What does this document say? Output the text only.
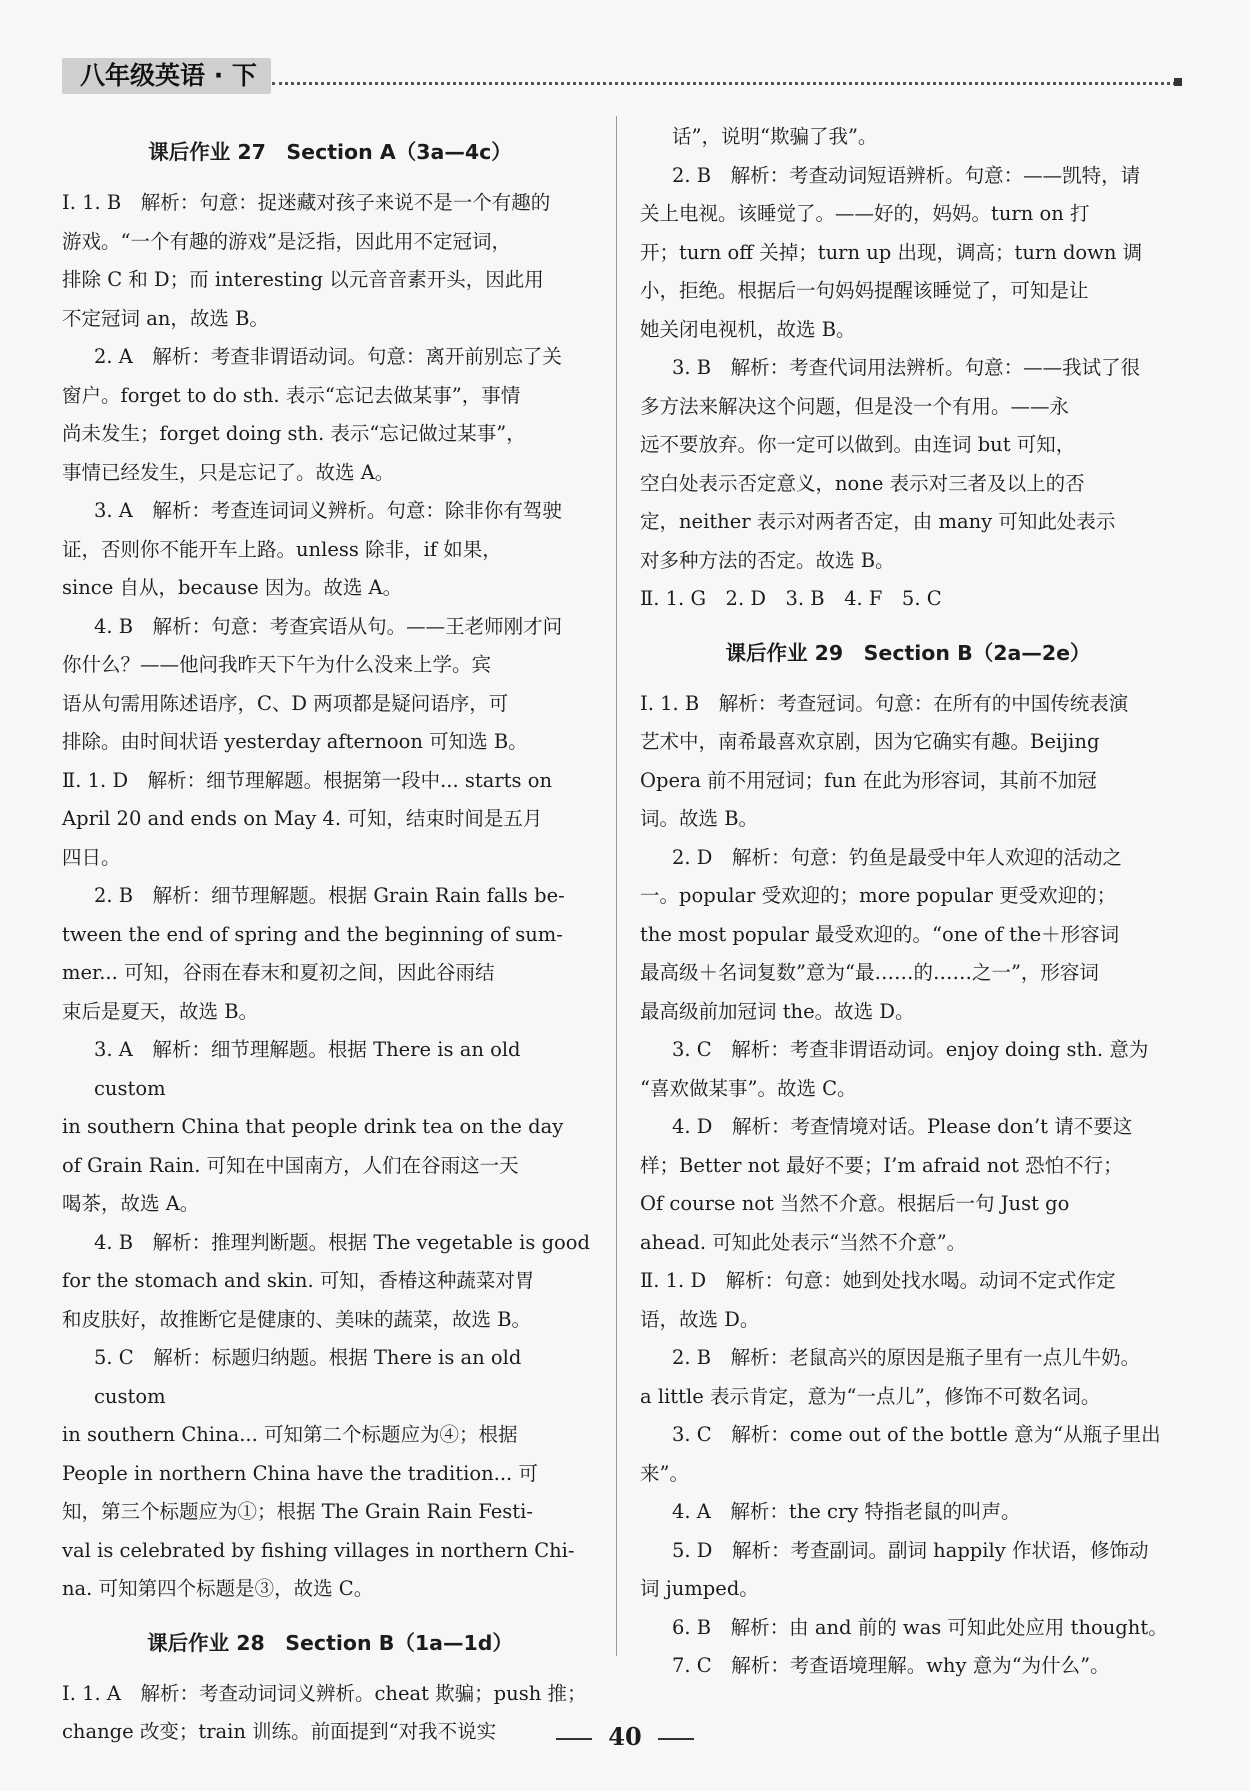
八年级英语 · 下
课后作业 27　Section A（3a—4c）

Ⅰ. 1. B　解析：句意：捉迷藏对孩子来说不是一个有趣的

游戏。“一个有趣的游戏”是泛指，因此用不定冠词，

排除 C 和 D；而 interesting 以元音音素开头，因此用

不定冠词 an，故选 B。

2. A　解析：考查非谓语动词。句意：离开前别忘了关

窗户。forget to do sth. 表示“忘记去做某事”，事情

尚未发生；forget doing sth. 表示“忘记做过某事”，

事情已经发生，只是忘记了。故选 A。

3. A　解析：考查连词词义辨析。句意：除非你有驾驶

证，否则你不能开车上路。unless 除非，if 如果，

since 自从，because 因为。故选 A。

4. B　解析：句意：考查宾语从句。——王老师刚才问

你什么？——他问我昨天下午为什么没来上学。宾

语从句需用陈述语序，C、D 两项都是疑问语序，可

排除。由时间状语 yesterday afternoon 可知选 B。

Ⅱ. 1. D　解析：细节理解题。根据第一段中... starts on

April 20 and ends on May 4. 可知，结束时间是五月

四日。

2. B　解析：细节理解题。根据 Grain Rain falls be-

tween the end of spring and the beginning of sum-

mer... 可知，谷雨在春末和夏初之间，因此谷雨结

束后是夏天，故选 B。

3. A　解析：细节理解题。根据 There is an old custom

in southern China that people drink tea on the day

of Grain Rain. 可知在中国南方，人们在谷雨这一天

喝茶，故选 A。

4. B　解析：推理判断题。根据 The vegetable is good

for the stomach and skin. 可知，香椿这种蔬菜对胃

和皮肤好，故推断它是健康的、美味的蔬菜，故选 B。

5. C　解析：标题归纳题。根据 There is an old custom

in southern China... 可知第二个标题应为④；根据

People in northern China have the tradition... 可

知，第三个标题应为①；根据 The Grain Rain Festi-

val is celebrated by fishing villages in northern Chi-

na. 可知第四个标题是③，故选 C。

课后作业 28　Section B（1a—1d）

Ⅰ. 1. A　解析：考查动词词义辨析。cheat 欺骗；push 推；

change 改变；train 训练。前面提到“对我不说实

话”，说明“欺骗了我”。

2. B　解析：考查动词短语辨析。句意：——凯特，请

关上电视。该睡觉了。——好的，妈妈。turn on 打

开；turn off 关掉；turn up 出现，调高；turn down 调

小，拒绝。根据后一句妈妈提醒该睡觉了，可知是让

她关闭电视机，故选 B。

3. B　解析：考查代词用法辨析。句意：——我试了很

多方法来解决这个问题，但是没一个有用。——永

远不要放弃。你一定可以做到。由连词 but 可知，

空白处表示否定意义，none 表示对三者及以上的否

定，neither 表示对两者否定，由 many 可知此处表示

对多种方法的否定。故选 B。

Ⅱ. 1. G　2. D　3. B　4. F　5. C

课后作业 29　Section B（2a—2e）

Ⅰ. 1. B　解析：考查冠词。句意：在所有的中国传统表演

艺术中，南希最喜欢京剧，因为它确实有趣。Beijing

Opera 前不用冠词；fun 在此为形容词，其前不加冠

词。故选 B。

2. D　解析：句意：钓鱼是最受中年人欢迎的活动之

一。popular 受欢迎的；more popular 更受欢迎的；

the most popular 最受欢迎的。“one of the＋形容词

最高级＋名词复数”意为“最……的……之一”，形容词

最高级前加冠词 the。故选 D。

3. C　解析：考查非谓语动词。enjoy doing sth. 意为

“喜欢做某事”。故选 C。

4. D　解析：考查情境对话。Please don’t 请不要这

样；Better not 最好不要；I’m afraid not 恐怕不行；

Of course not 当然不介意。根据后一句 Just go

ahead. 可知此处表示“当然不介意”。

Ⅱ. 1. D　解析：句意：她到处找水喝。动词不定式作定

语，故选 D。

2. B　解析：老鼠高兴的原因是瓶子里有一点儿牛奶。

a little 表示肯定，意为“一点儿”，修饰不可数名词。

3. C　解析：come out of the bottle 意为“从瓶子里出

来”。

4. A　解析：the cry 特指老鼠的叫声。

5. D　解析：考查副词。副词 happily 作状语，修饰动

词 jumped。

6. B　解析：由 and 前的 was 可知此处应用 thought。

7. C　解析：考查语境理解。why 意为“为什么”。

40
